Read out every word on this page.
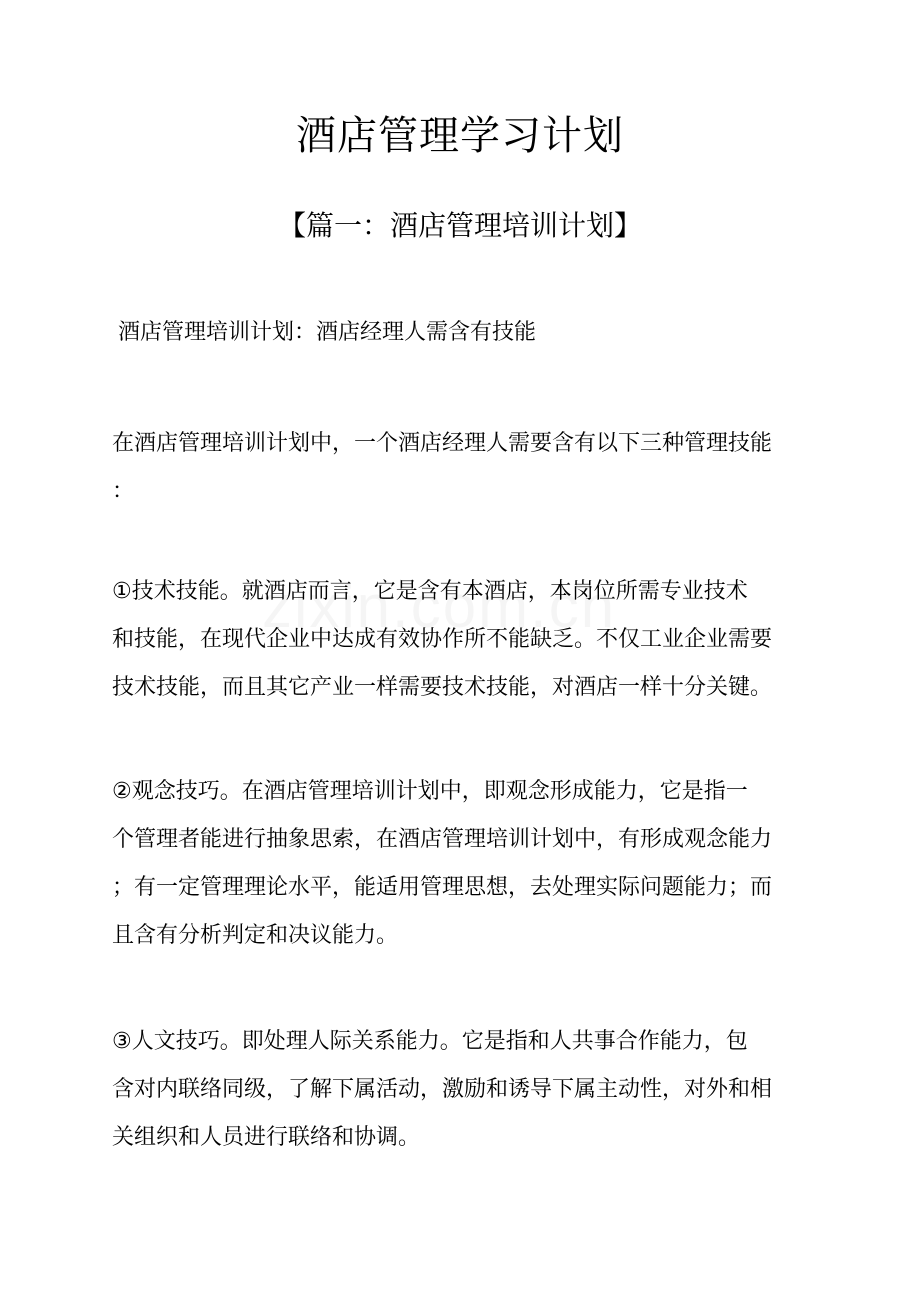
酒店管理学习计划
【篇一：酒店管理培训计划】
酒店管理培训计划：酒店经理人需含有技能

在酒店管理培训计划中，一个酒店经理人需要含有以下三种管理技能
：

①技术技能。就酒店而言，它是含有本酒店，本岗位所需专业技术
和技能，在现代企业中达成有效协作所不能缺乏。不仅工业企业需要
技术技能，而且其它产业一样需要技术技能，对酒店一样十分关键。

②观念技巧。在酒店管理培训计划中，即观念形成能力，它是指一
个管理者能进行抽象思索，在酒店管理培训计划中，有形成观念能力
；有一定管理理论水平，能适用管理思想，去处理实际问题能力；而
且含有分析判定和决议能力。

③人文技巧。即处理人际关系能力。它是指和人共事合作能力，包
含对内联络同级，了解下属活动，激励和诱导下属主动性，对外和相
关组织和人员进行联络和协调。
